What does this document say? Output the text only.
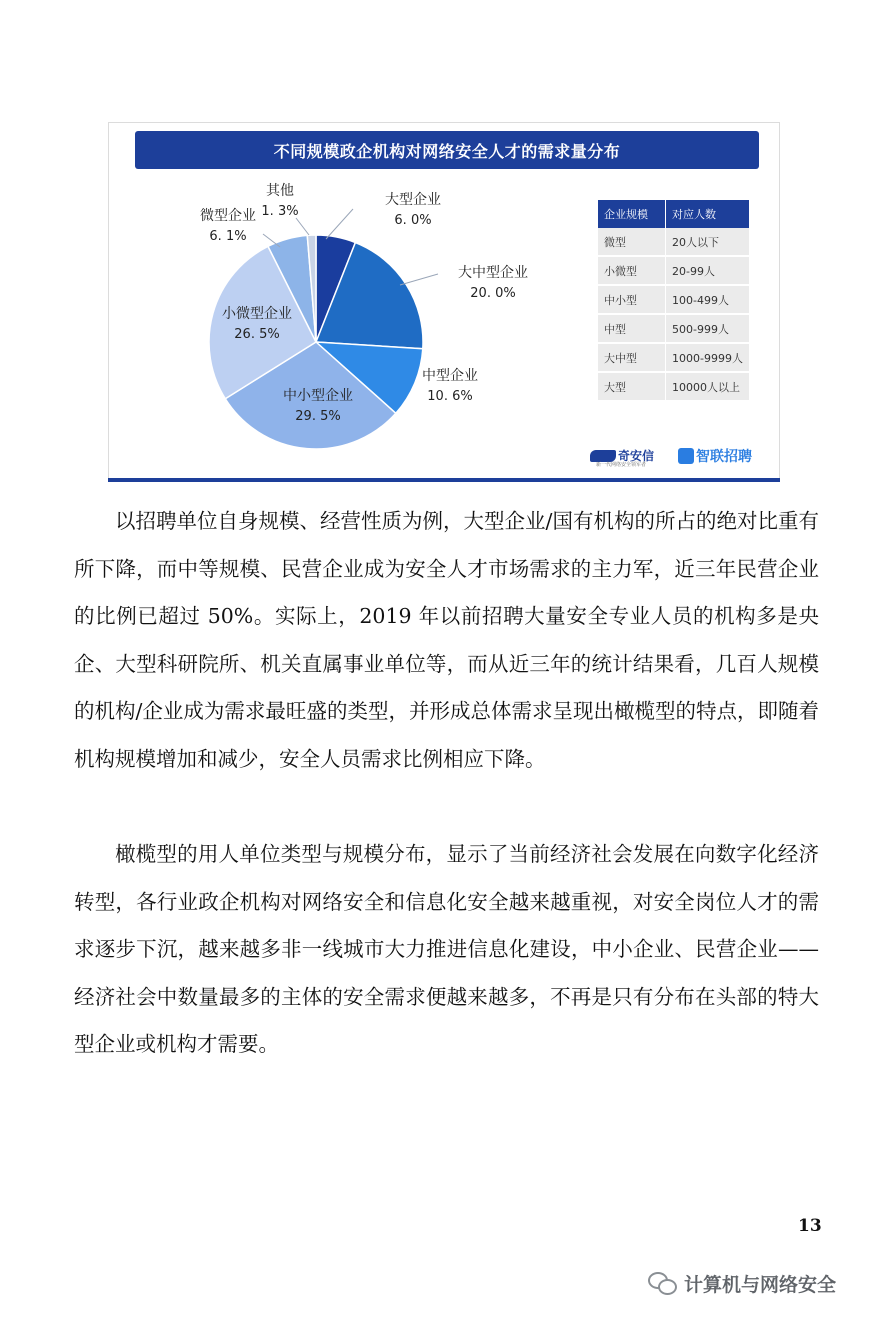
不同规模政企机构对网络安全人才的需求量分布
大型企业
6. 0%
大中型企业
20. 0%
中型企业
10. 6%
中小型企业
29. 5%
小微型企业
26. 5%
微型企业
6. 1%
其他
1. 3%	企业规模	对应人数
微型	20人以下
小微型	20-99人
中小型	100-499人
中型	500-999人
大中型	1000-9999人
大型	10000人以上
奇安信
新一代网络安全领军者
智联招聘

以招聘单位自身规模、经营性质为例，大型企业/国有机构的所占的绝对比重有所下降，而中等规模、民营企业成为安全人才市场需求的主力军，近三年民营企业的比例已超过 50%。实际上，2019 年以前招聘大量安全专业人员的机构多是央企、大型科研院所、机关直属事业单位等，而从近三年的统计结果看，几百人规模的机构/企业成为需求最旺盛的类型，并形成总体需求呈现出橄榄型的特点，即随着机构规模增加和减少，安全人员需求比例相应下降。

橄榄型的用人单位类型与规模分布，显示了当前经济社会发展在向数字化经济转型，各行业政企机构对网络安全和信息化安全越来越重视，对安全岗位人才的需求逐步下沉，越来越多非一线城市大力推进信息化建设，中小企业、民营企业——经济社会中数量最多的主体的安全需求便越来越多，不再是只有分布在头部的特大型企业或机构才需要。

13
计算机与网络安全
